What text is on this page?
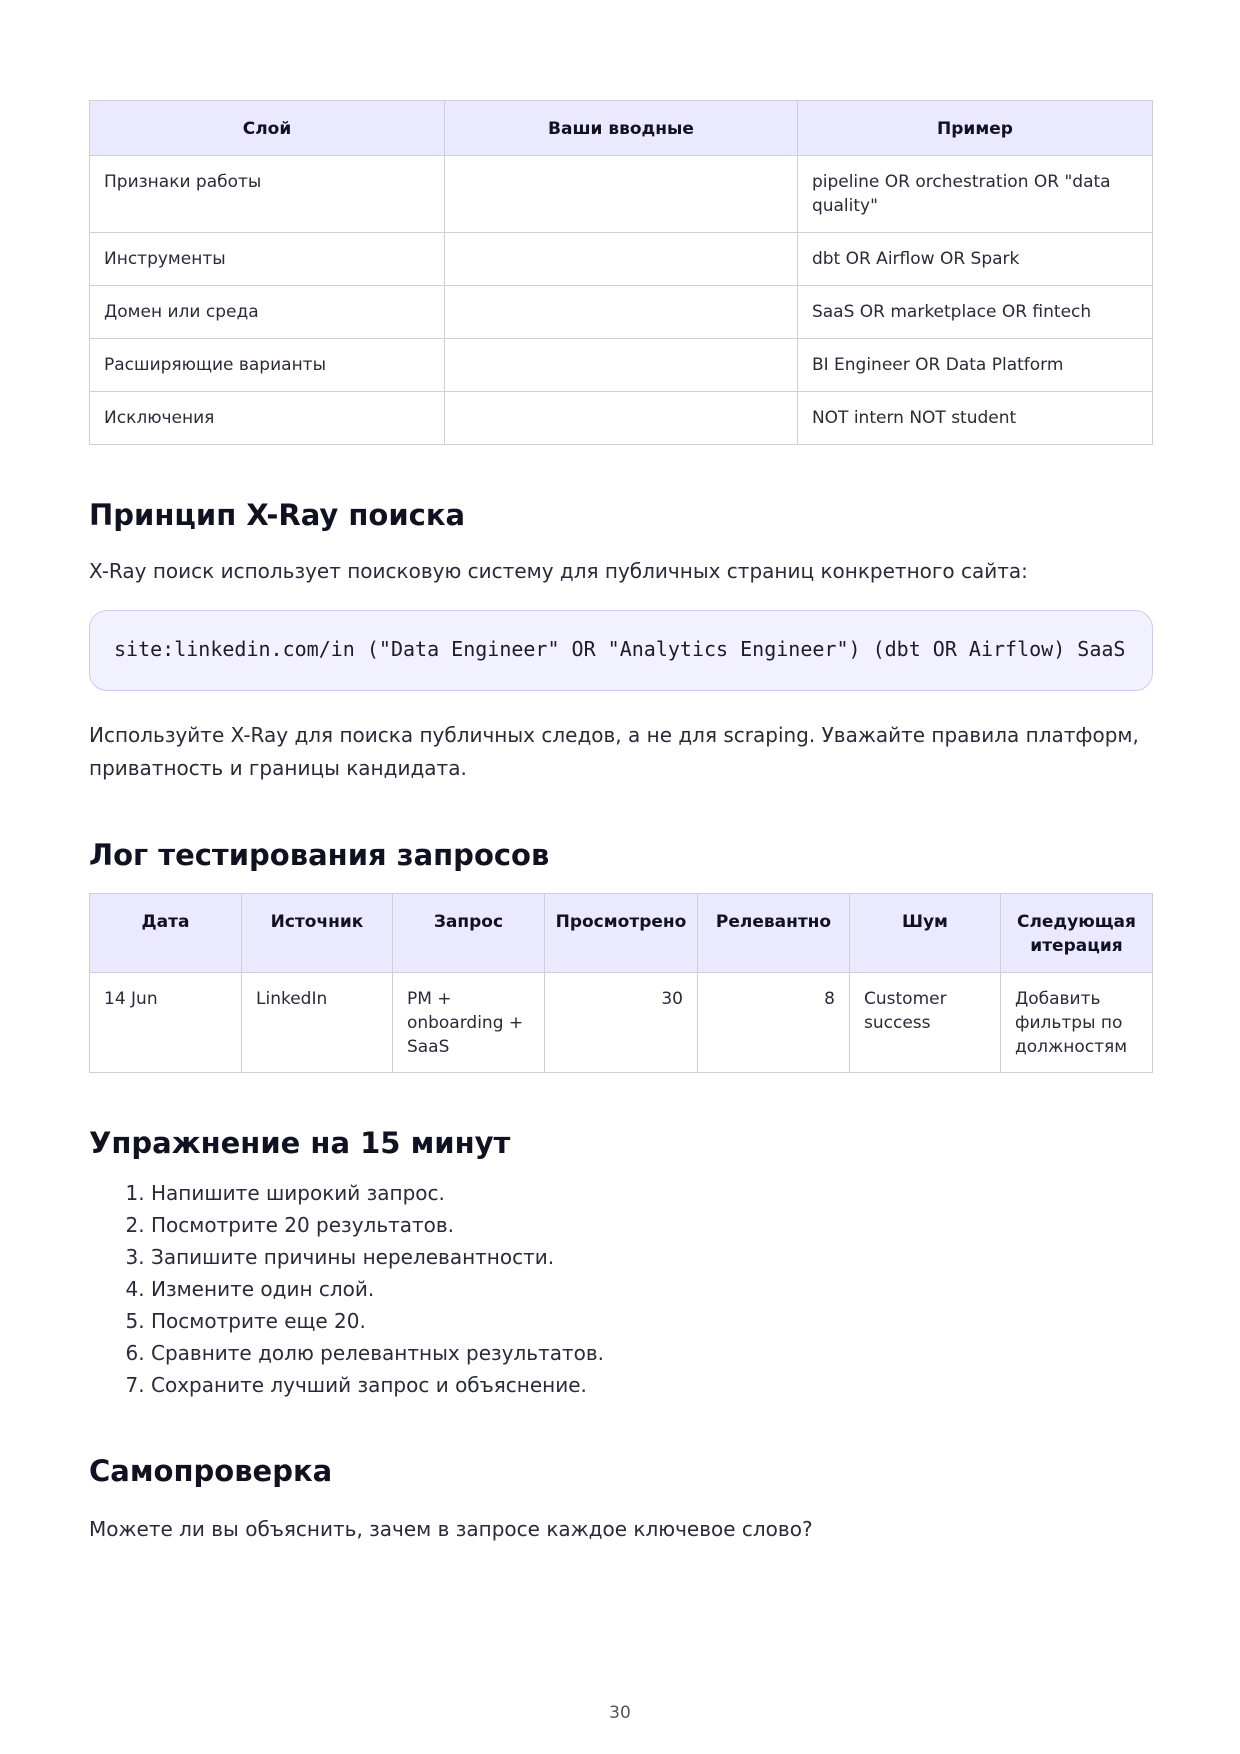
Слой	Ваши вводные	Пример
Признаки работы		pipeline OR orchestration OR "data quality"
Инструменты		dbt OR Airflow OR Spark
Домен или среда		SaaS OR marketplace OR fintech
Расширяющие варианты		BI Engineer OR Data Platform
Исключения		NOT intern NOT student
Принцип X-Ray поиска

X-Ray поиск использует поисковую систему для публичных страниц конкретного сайта:

site:linkedin.com/in ("Data Engineer" OR "Analytics Engineer") (dbt OR Airflow) SaaS

Используйте X-Ray для поиска публичных следов, а не для scraping. Уважайте правила платформ, приватность и границы кандидата.

Лог тестирования запросов
Дата	Источник	Запрос	Просмотрено	Релевантно	Шум	Следующая итерация
14 Jun	LinkedIn	PM + onboarding + SaaS	30	8	Customer success	Добавить фильтры по должностям
Упражнение на 15 минут
1. Напишите широкий запрос.
2. Посмотрите 20 результатов.
3. Запишите причины нерелевантности.
4. Измените один слой.
5. Посмотрите еще 20.
6. Сравните долю релевантных результатов.
7. Сохраните лучший запрос и объяснение.
Самопроверка

Можете ли вы объяснить, зачем в запросе каждое ключевое слово?

30
